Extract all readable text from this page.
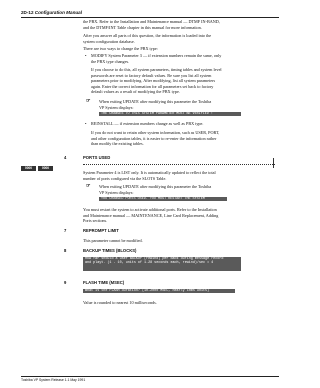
2D-12 Configuration Manual
the PBX. Refer to the Installation and Maintenance manual — DTMF IN-BAND,
and the DTMF/INT Table chapter in this manual for more information.
After you answer all parts of this question, the information is loaded into the
system configuration database.
There are two ways to change the PBX type:
• MODIFY System Parameter 3 — if extension numbers remain the same, only
the PBX type changes.
If you choose to do this, all system parameters, timing tables and system level
passwords are reset to factory default values. Be sure you list all system
parameters prior to modifying. After modifying, list all system parameters
again. Enter the correct information for all parameters set back to factory
default values as a result of modifying the PBX type.
☞ When exiting UPDATE after modifying this parameter the Toshiba
VP System displays:
THE CHANGES TO THIS SYSTEM PARAMETER MUST BE VERIFIED !
• REINSTALL — if extension numbers change as well as PBX type.
If you do not want to retain other system information, such as USER, PORT,
and other configuration tables, it is easier to re-enter the information rather
than modify the existing tables.
4	PORTS USED
0000	0000
System Parameter 4 is LIST only. It is automatically updated to reflect the total
number of ports configured via the SLOTS Table.
☞ When exiting UPDATE after modifying this parameter the Toshiba
VP System displays:
YOU CHANGED PORTS USED. YOU MUST RESTART THE SYSTEM
You must restart the system to activate additional ports. Refer to the Installation
and Maintenance manual — MAINTENANCE, Line Card Replacement, Adding
Ports sections.
7	REPROMPT LIMIT
This parameter cannot be modified.
8	BACKUP TIMES (BLOCKS)
How far should a user BACKUP (rewind) per back during message record
and playt. (1 - 10, units of 1.28 seconds each, rewind)/sec = 4
9	FLASH TIME (MSEC)
What is the FLASH duration? (10-2000 MSEC, nearly 10ms units)
Value is rounded to nearest 10 milliseconds.
Toshiba VP System Release 1.1 May 1991
